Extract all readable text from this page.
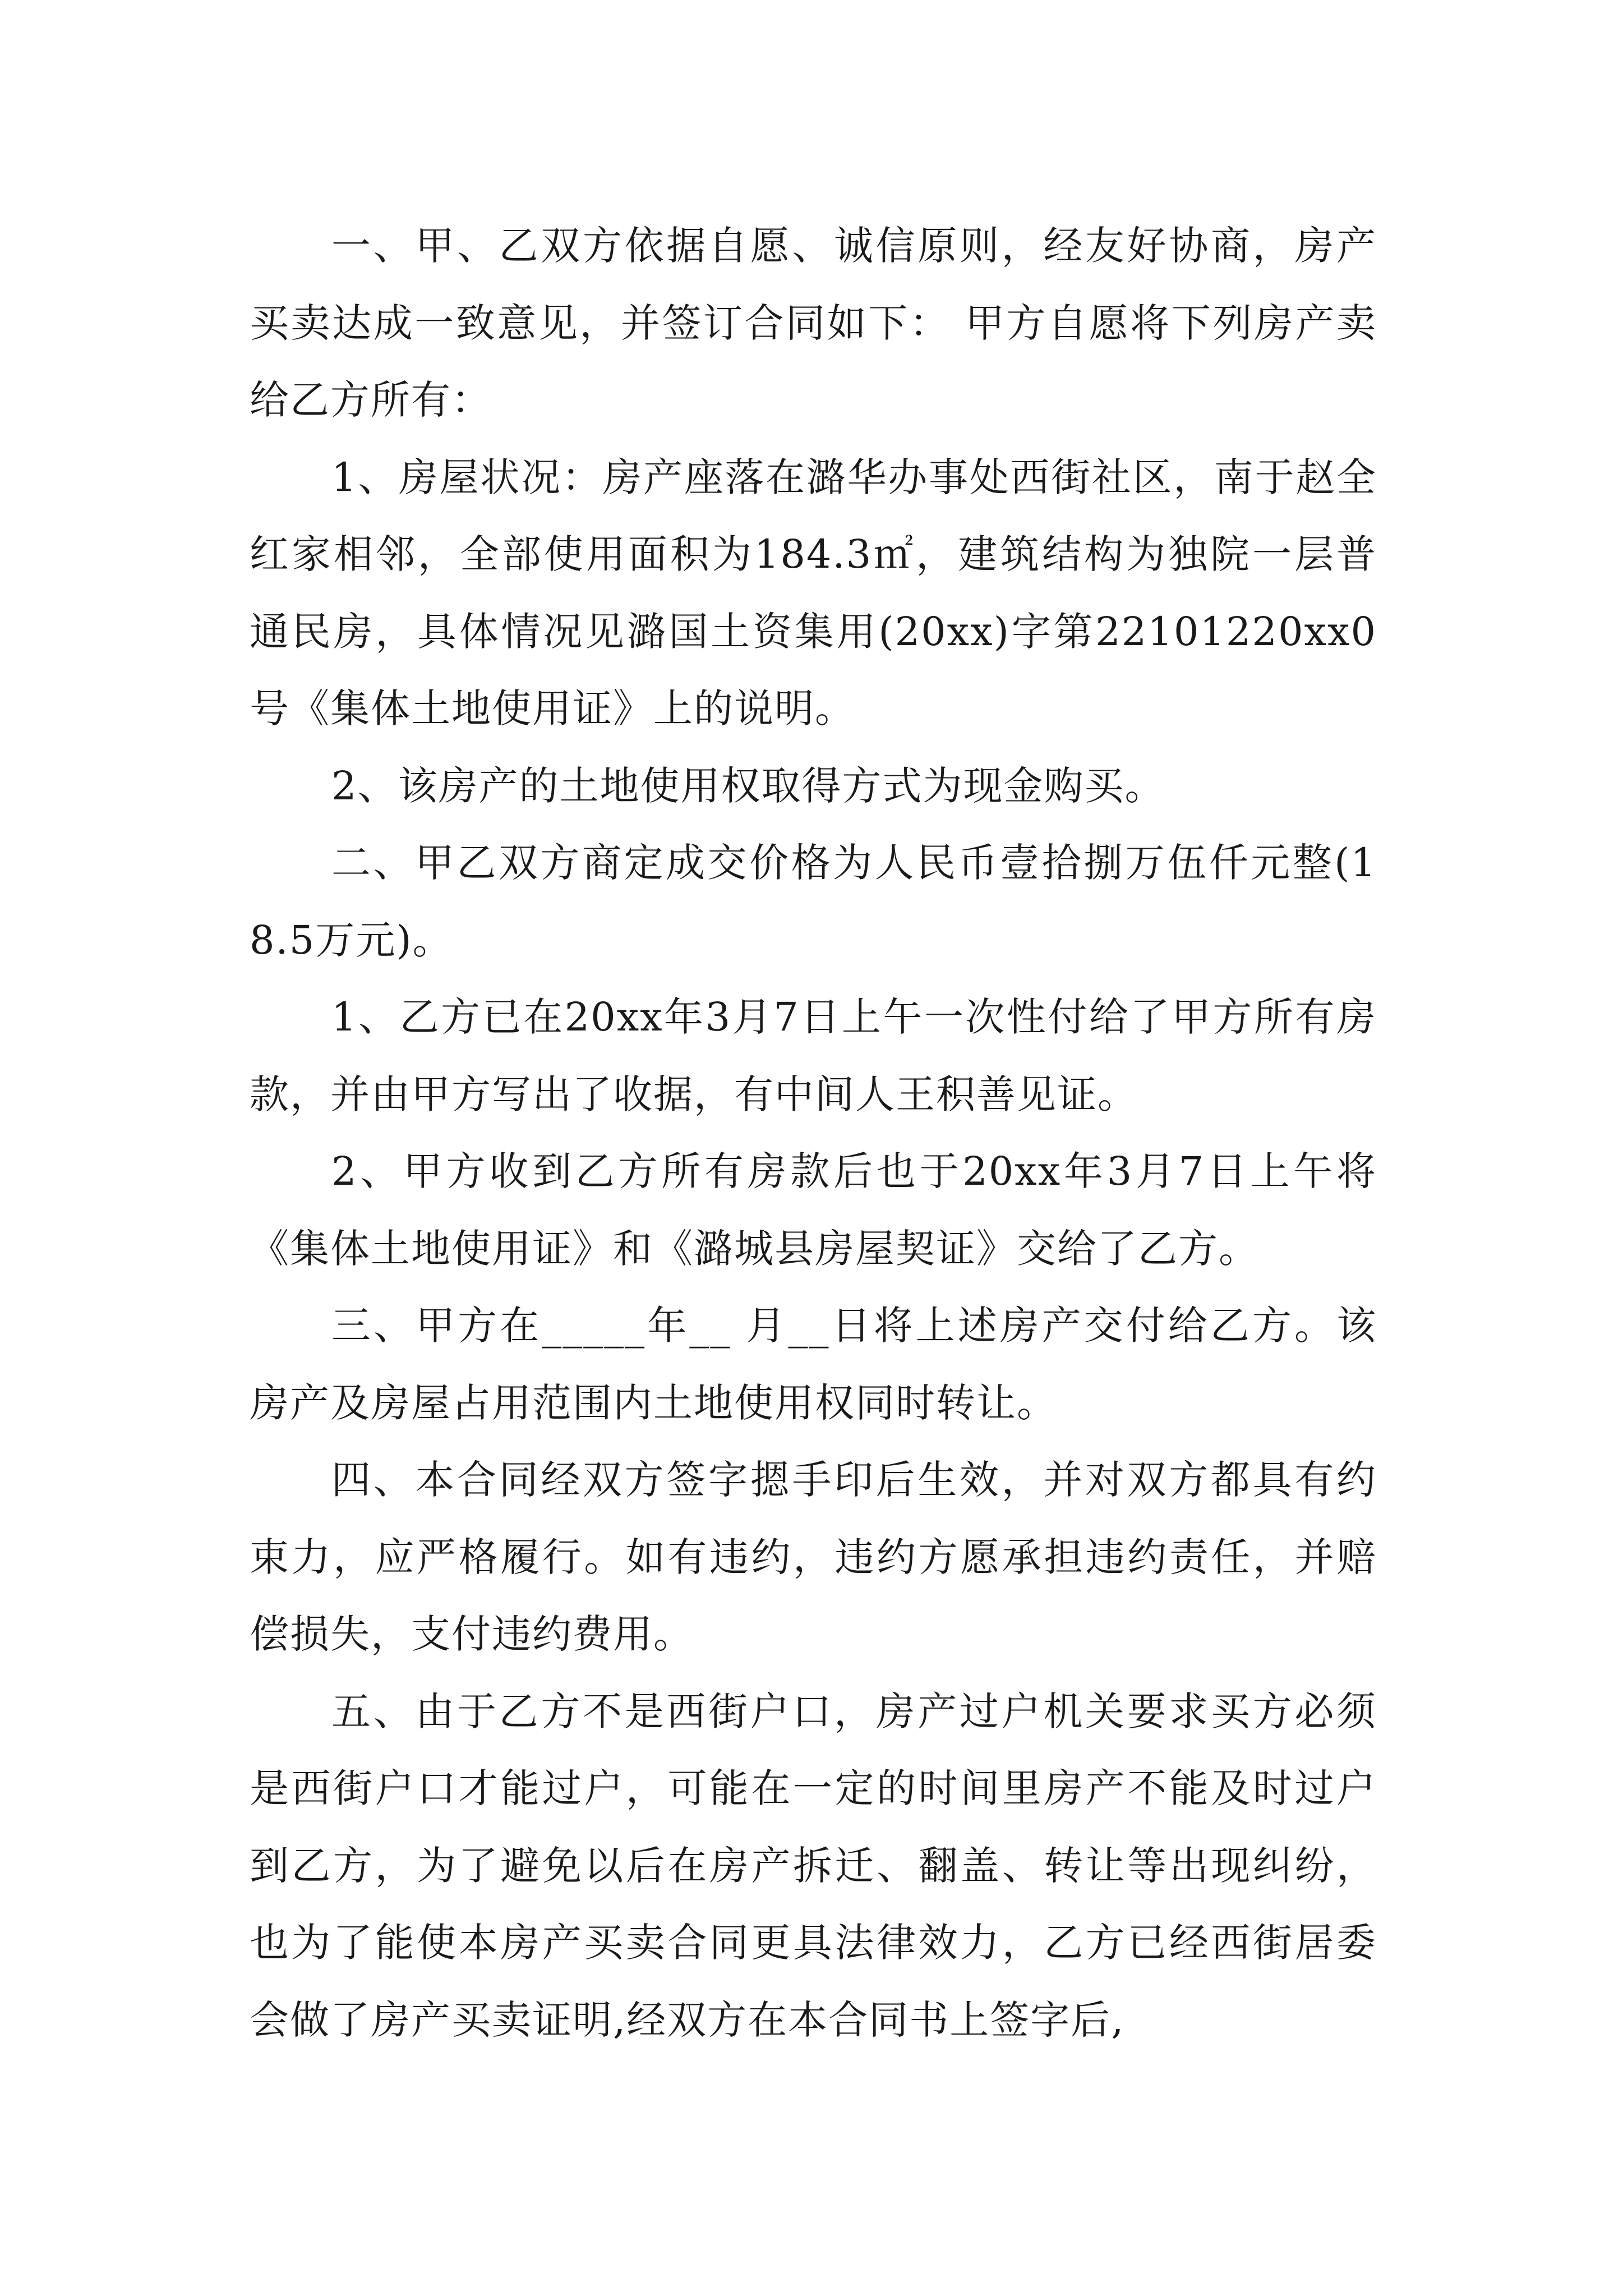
一、甲、乙双方依据自愿、诚信原则，经友好协商，房产买卖达成一致意见，并签订合同如下： 甲方自愿将下列房产卖给乙方所有：

1、房屋状况：房产座落在潞华办事处西街社区，南于赵全红家相邻，全部使用面积为184.3㎡，建筑结构为独院一层普通民房，具体情况见潞国土资集用(20xx)字第22101220xx0号《集体土地使用证》上的说明。

2、该房产的土地使用权取得方式为现金购买。

二、甲乙双方商定成交价格为人民币壹拾捌万伍仟元整(18.5万元)。

1、乙方已在20xx年3月7日上午一次性付给了甲方所有房款，并由甲方写出了收据，有中间人王积善见证。

2、甲方收到乙方所有房款后也于20xx年3月7日上午将《集体土地使用证》和《潞城县房屋契证》交给了乙方。

三、甲方在_____年__ 月__日将上述房产交付给乙方。该房产及房屋占用范围内土地使用权同时转让。

四、本合同经双方签字摁手印后生效，并对双方都具有约束力，应严格履行。如有违约，违约方愿承担违约责任，并赔偿损失，支付违约费用。

五、由于乙方不是西街户口，房产过户机关要求买方必须是西街户口才能过户，可能在一定的时间里房产不能及时过户到乙方，为了避免以后在房产拆迁、翻盖、转让等出现纠纷，也为了能使本房产买卖合同更具法律效力，乙方已经西街居委会做了房产买卖证明,经双方在本合同书上签字后,
